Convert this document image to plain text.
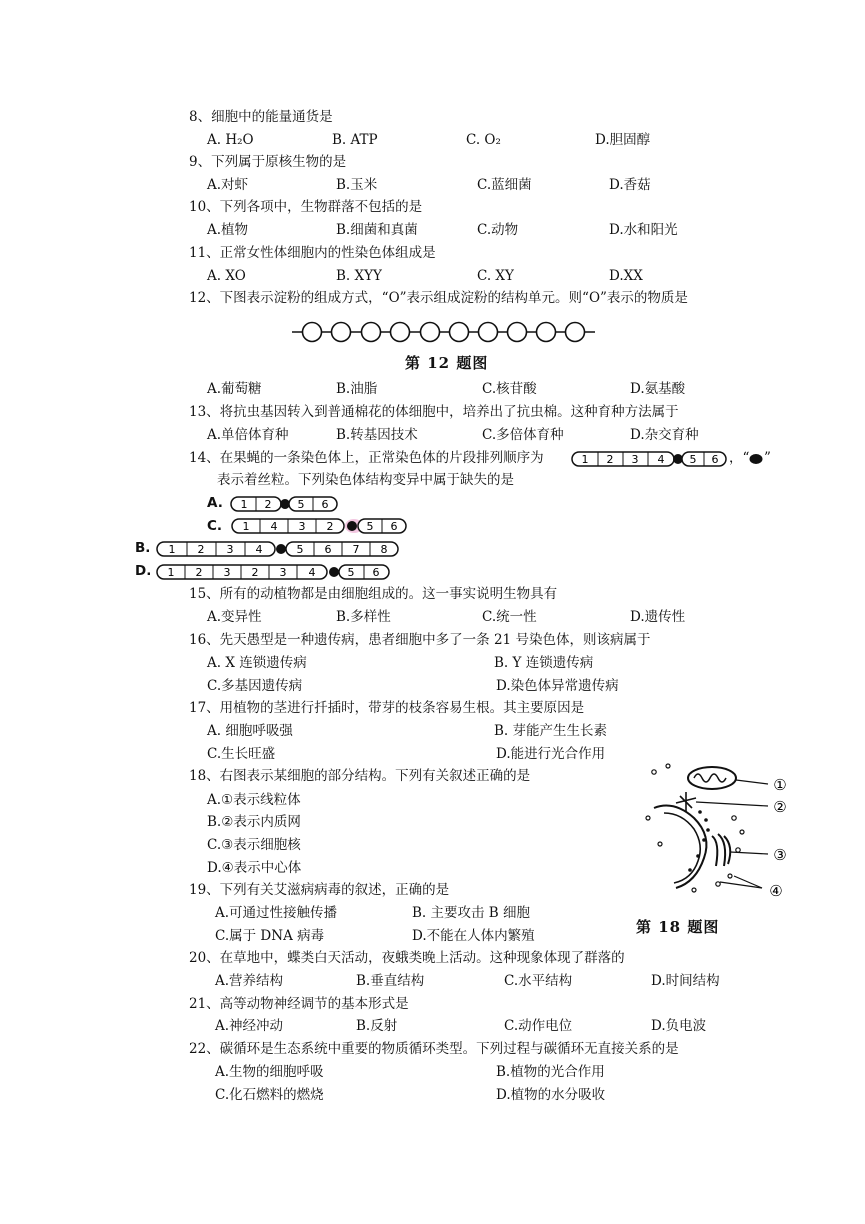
8、细胞中的能量通货是
A. H₂O	B. ATP	C. O₂	D.胆固醇
9、下列属于原核生物的是
A.对虾	B.玉米	C.蓝细菌	D.香菇
10、下列各项中，生物群落不包括的是
A.植物	B.细菌和真菌	C.动物	D.水和阳光
11、正常女性体细胞内的性染色体组成是
A. XO	B. XYY	C. XY	D.XX
12、下图表示淀粉的组成方式，“O”表示组成淀粉的结构单元。则“O”表示的物质是
第 12 题图
A.葡萄糖	B.油脂	C.核苷酸	D.氨基酸
13、将抗虫基因转入到普通棉花的体细胞中，培养出了抗虫棉。这种育种方法属于
A.单倍体育种	B.转基因技术	C.多倍体育种	D.杂交育种
14、在果蝇的一条染色体上，正常染色体的片段排列顺序为	1 2 3 4 5 6 ，“ ”
表示着丝粒。下列染色体结构变异中属于缺失的是
A. 1 2 5 6
C. 1 4 3 2	5 6
B. 1 2 3 4	5 6 7 8
D. 1 2 3 2 3 4	5 6
15、所有的动植物都是由细胞组成的。这一事实说明生物具有
A.变异性	B.多样性	C.统一性	D.遗传性
16、先天愚型是一种遗传病，患者细胞中多了一条 21 号染色体，则该病属于
A. X 连锁遗传病	B. Y 连锁遗传病
C.多基因遗传病	D.染色体异常遗传病
17、用植物的茎进行扦插时，带芽的枝条容易生根。其主要原因是
A. 细胞呼吸强	B. 芽能产生生长素
C.生长旺盛	D.能进行光合作用
18、右图表示某细胞的部分结构。下列有关叙述正确的是
A.①表示线粒体
B.②表示内质网
C.③表示细胞核
D.④表示中心体
①
②
③
④
第 18 题图
19、下列有关艾滋病病毒的叙述，正确的是
A.可通过性接触传播	B. 主要攻击 B 细胞
C.属于 DNA 病毒	D.不能在人体内繁殖
20、在草地中，蝶类白天活动，夜蛾类晚上活动。这种现象体现了群落的
A.营养结构	B.垂直结构	C.水平结构	D.时间结构
21、高等动物神经调节的基本形式是
A.神经冲动	B.反射	C.动作电位	D.负电波
22、碳循环是生态系统中重要的物质循环类型。下列过程与碳循环无直接关系的是
A.生物的细胞呼吸	B.植物的光合作用
C.化石燃料的燃烧	D.植物的水分吸收
